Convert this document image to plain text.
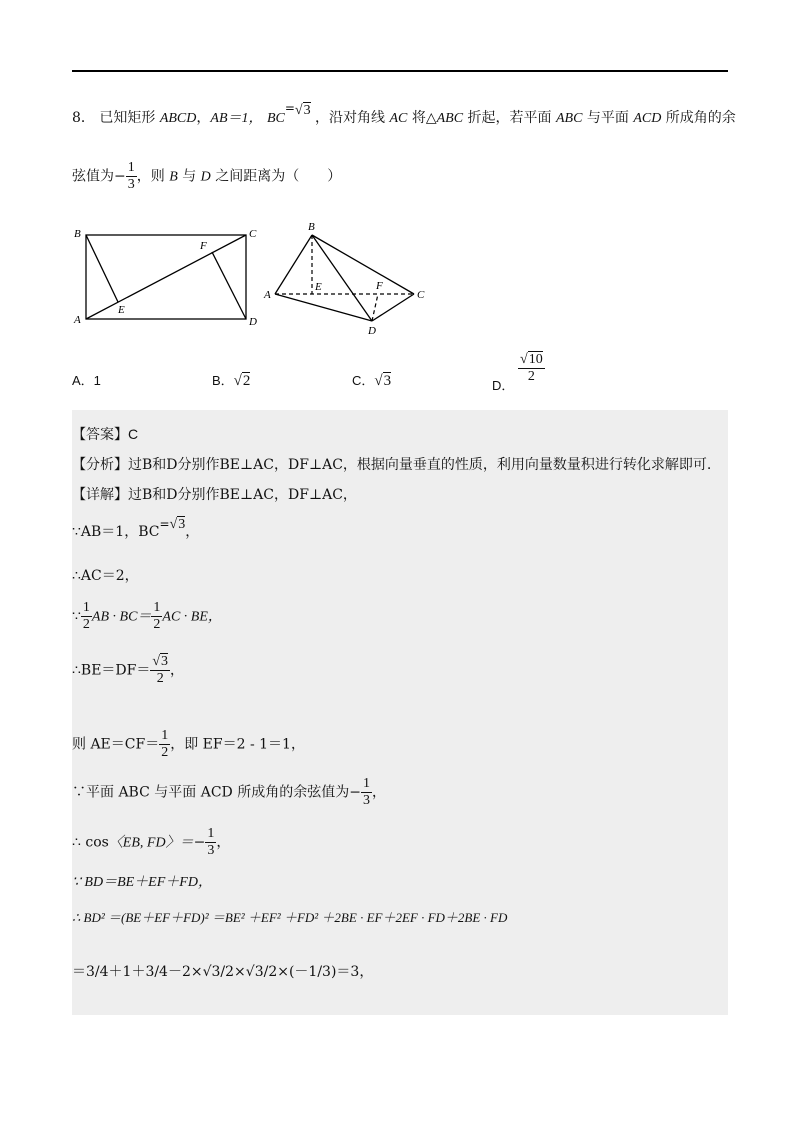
8． 已知矩形 ABCD，AB＝1， BC=√3 ，沿对角线 AC 将△ABC 折起，若平面 ABC 与平面 ACD 所成角的余
弦值为− $\frac{1}{3}$ ，则 B 与 D 之间距离为（　　）
B	C
A	D
E
F
B
A
E	F
C
D
A．1	B．√2	C．√3	D．
$\frac{√10}{2}$
【答案】C
【分析】过B和D分别作BE⊥AC，DF⊥AC，根据向量垂直的性质，利用向量数量积进行转化求解即可.
【详解】过B和D分别作BE⊥AC，DF⊥AC，
∵AB＝1，BC=√3，
∴AC＝2，
∵ $\frac{1}{2}$ AB · $BC= \frac{1}{2}$ AC · BE，
∴BE＝DF＝ $\frac{√3}{2}$ ，
则 $AE=CF= \frac{1}{2}$ ，即 EF＝2 - 1＝1，
∵平面 ABC 与平面 ACD 所成角的余弦值为− $\frac{1}{3}$ ，
∴ cos〈EB, FD〉＝− $\frac{1}{3}$ ，
∵ BD＝BE＋EF＋FD，
∴ BD² ＝(BE＋EF＋FD)² ＝BE² ＋EF² ＋FD² ＋2BE · EF＋2EF · FD＋2BE · FD
＝3/4＋1＋3/4－2×√3/2×√3/2×(－1/3)＝3，
